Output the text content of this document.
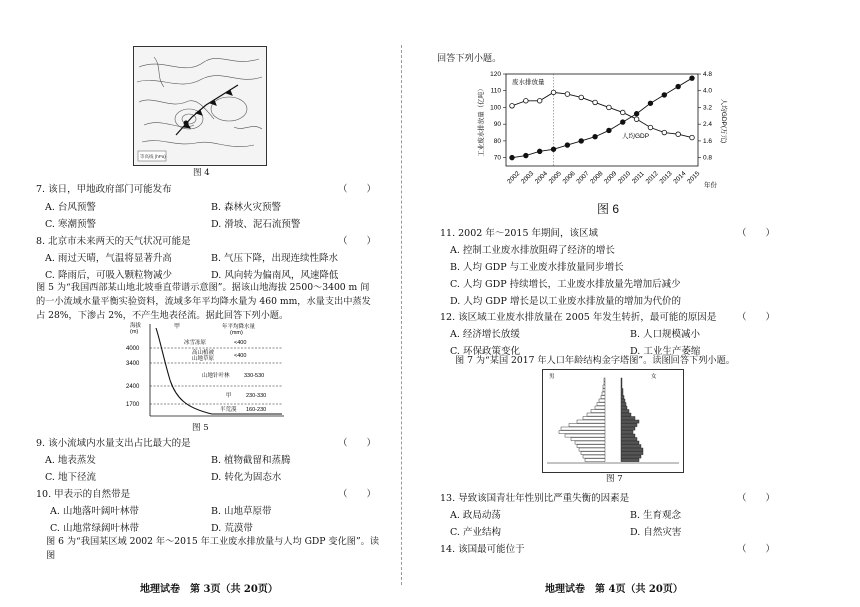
等高线 (hPa)
图 4
7. 该日，甲地政府部门可能发布	（　　）
A. 台风预警	B. 森林火灾预警
C. 寒潮预警	D. 滑坡、泥石流预警
8. 北京市未来两天的天气状况可能是	（　　）
A. 雨过天晴，气温将显著升高	B. 气压下降，出现连续性降水
C. 降雨后，可吸入颗粒物减少	D. 风向转为偏南风，风速降低
图 5 为“我国西部某山地北坡垂直带谱示意图”。据该山地海拔 2500～3400 m 间的一小流域水量平衡实验资料，流域多年平均降水量为 460 mm，水量支出中蒸发占 28%，下渗占 2%，不产生地表径流。据此回答下列小题。
海拔
(m)
4000
3400
2400
1700
甲	年平均降水量
(mm)
冰雪冻原	<400
高山植被
山地草原	<400
山地针叶林	330-530
甲	230-330
半荒漠 160-230
图 5
9. 该小流域内水量支出占比最大的是	（　　）
A. 地表蒸发	B. 植物截留和蒸腾
C. 地下径流	D. 转化为固态水
10. 甲表示的自然带是	（　　）
A. 山地落叶阔叶林带	B. 山地草原带
C. 山地常绿阔叶林带	D. 荒漠带
图 6 为“我国某区域 2002 年～2015 年工业废水排放量与人均 GDP 变化图”。读图
地理试卷　第 3页（共 20页）
回答下列小题。
工业废水排放量（亿吨）	人均GDP(万元)
年份
废水排放量
人均GDP
120
110
100
90
80
70
4.8
4.0
3.2
2.4
1.6
0.8
2002
2003
2004
2005
2006
2007
2008
2009
2010
2011
2012
2013
2014
2015
图 6
11. 2002 年～2015 年期间，该区域	（　　）
A. 控制工业废水排放阻碍了经济的增长
B. 人均 GDP 与工业废水排放量同步增长
C. 人均 GDP 持续增长，工业废水排放量先增加后减少
D. 人均 GDP 增长是以工业废水排放量的增加为代价的
12. 该区域工业废水排放量在 2005 年发生转折，最可能的原因是 （　　）
A. 经济增长放缓	B. 人口规模减小
C. 环保政策变化	D. 工业生产萎缩
图 7 为“某国 2017 年人口年龄结构金字塔图”。读图回答下列小题。
男	女
图 7
13. 导致该国青壮年性别比严重失衡的因素是	（　　）
A. 政局动荡	B. 生育观念
C. 产业结构	D. 自然灾害
14. 该国最可能位于	（　　）
地理试卷　第 4页（共 20页）
